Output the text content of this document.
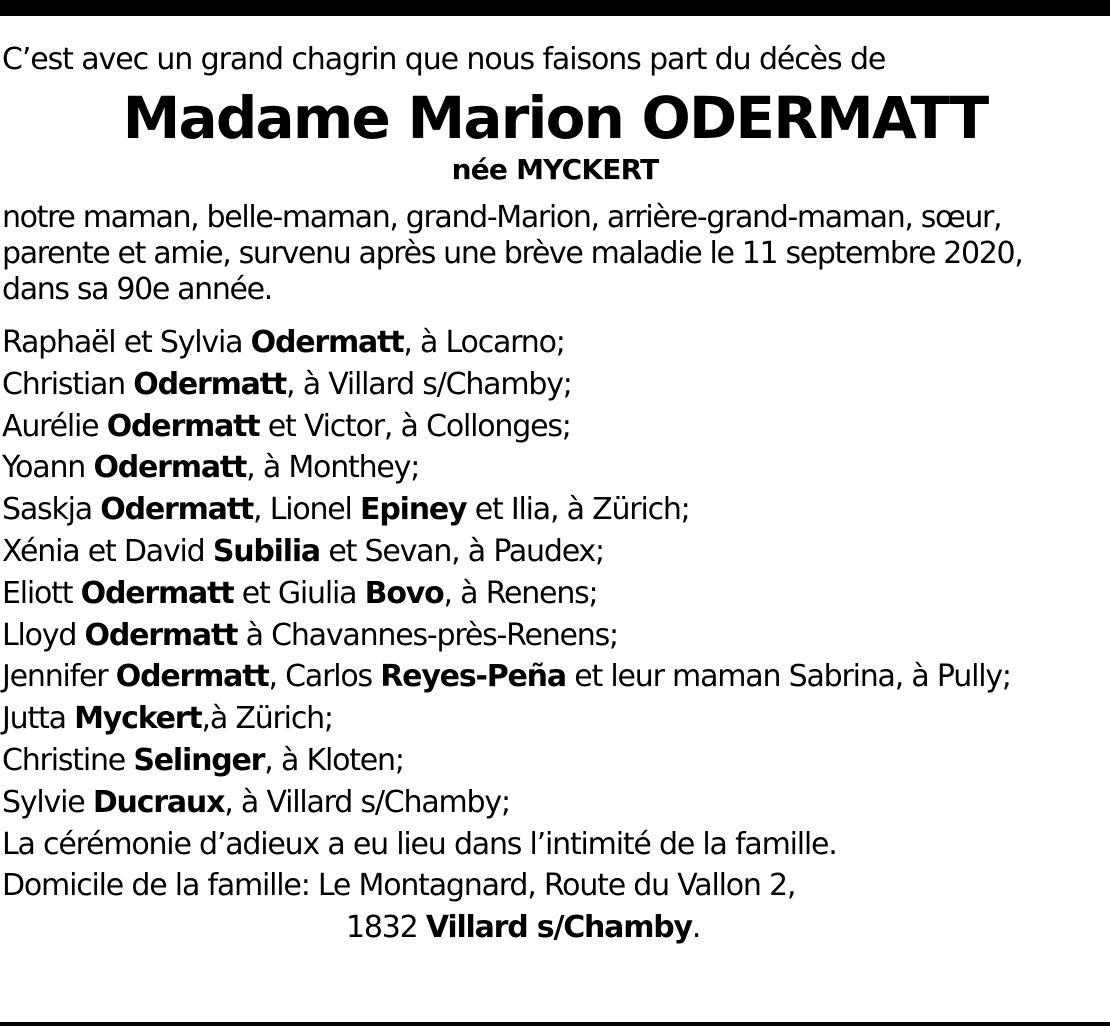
C’est avec un grand chagrin que nous faisons part du décès de

Madame Marion ODERMATT
née MYCKERT
notre maman, belle-maman, grand-Marion, arrière-grand-maman, sœur,
parente et amie, survenu après une brève maladie le 11 septembre 2020,
dans sa 90e année.
Raphaël et Sylvia Odermatt, à Locarno;
Christian Odermatt, à Villard s/Chamby;
Aurélie Odermatt et Victor, à Collonges;
Yoann Odermatt, à Monthey;
Saskja Odermatt, Lionel Epiney et Ilia, à Zürich;
Xénia et David Subilia et Sevan, à Paudex;
Eliott Odermatt et Giulia Bovo, à Renens;
Lloyd Odermatt à Chavannes-près-Renens;
Jennifer Odermatt, Carlos Reyes-Peña et leur maman Sabrina, à Pully;
Jutta Myckert,à Zürich;
Christine Selinger, à Kloten;
Sylvie Ducraux, à Villard s/Chamby;
La cérémonie d’adieux a eu lieu dans l’intimité de la famille.
Domicile de la famille: Le Montagnard, Route du Vallon 2,
1832 Villard s/Chamby.
